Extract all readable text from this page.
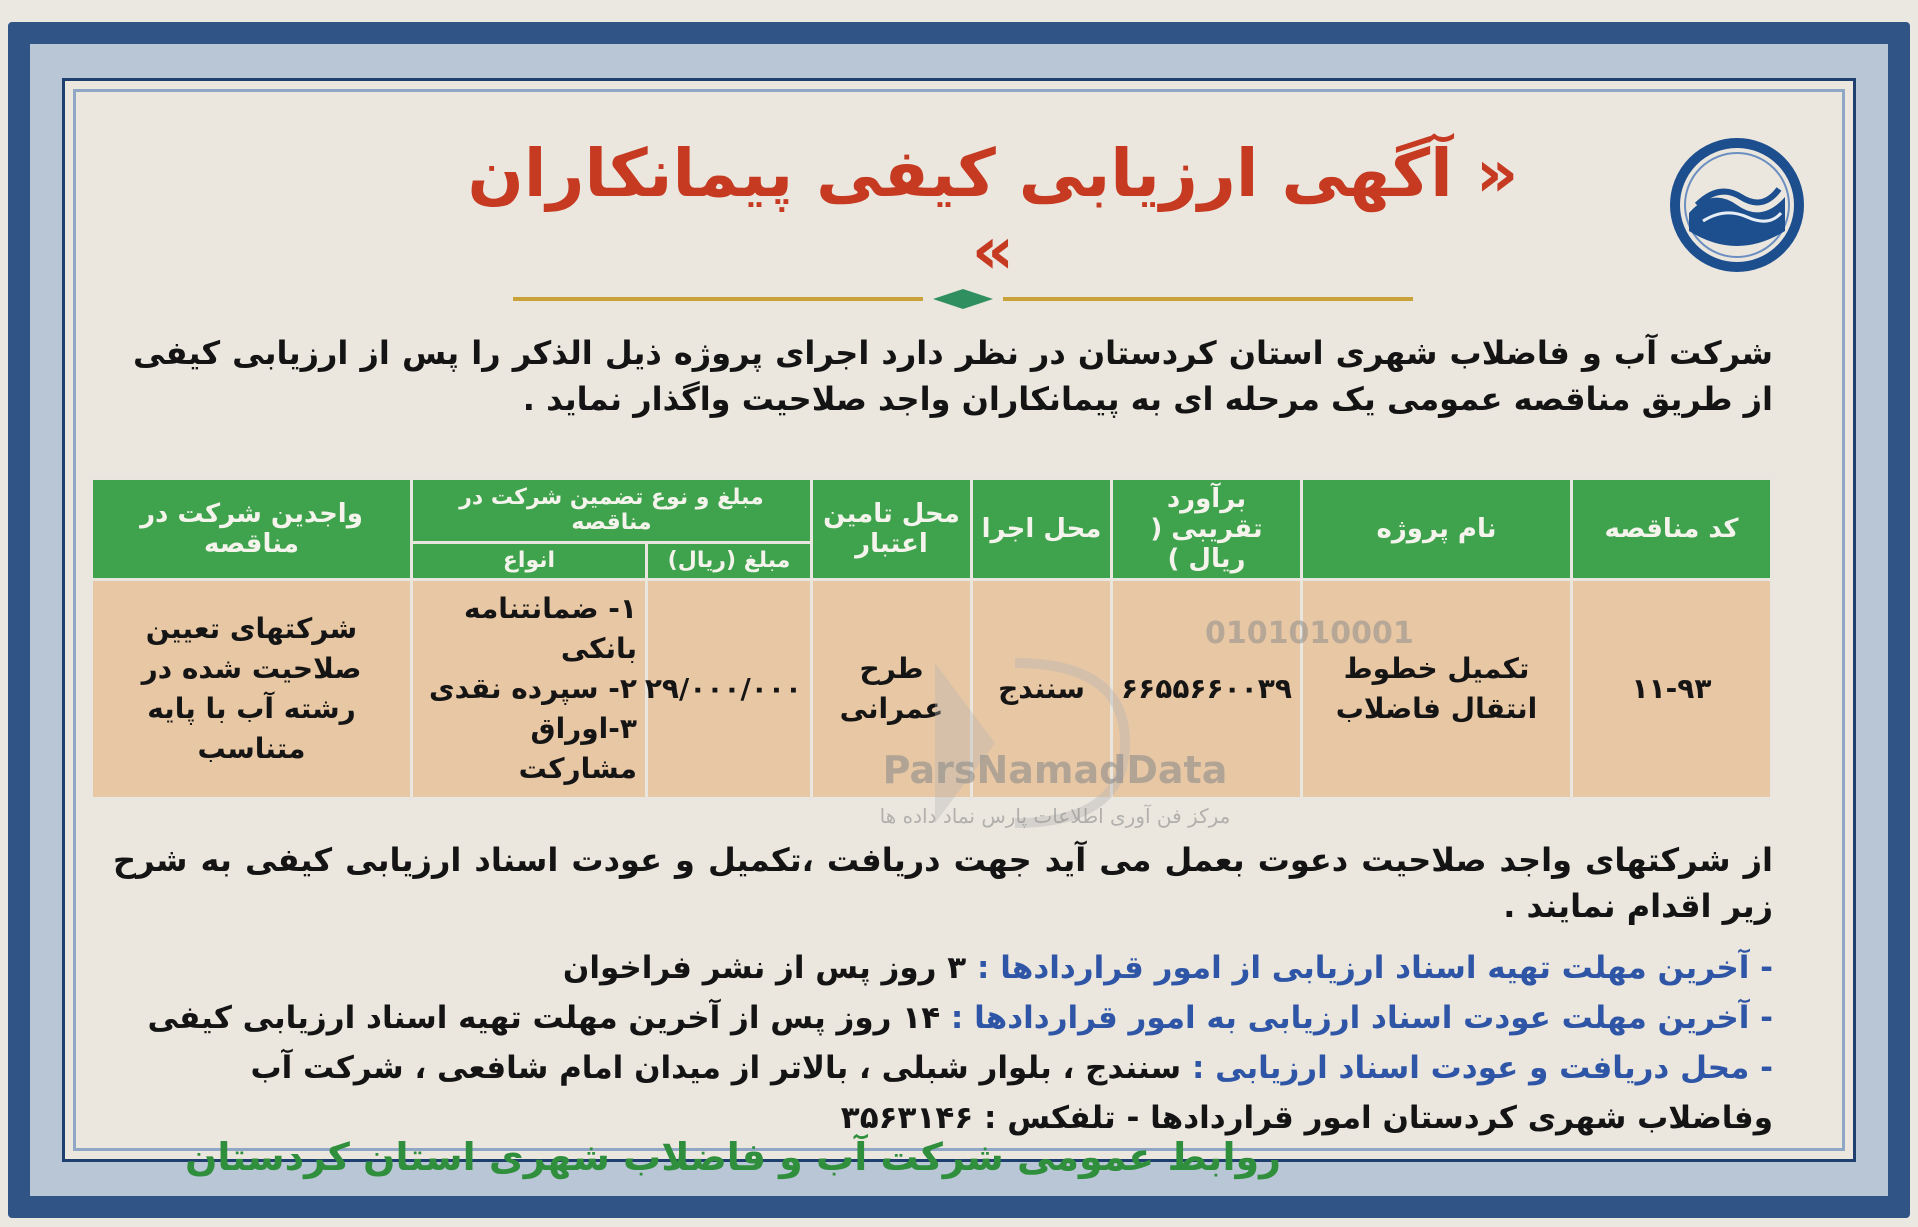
« آگهی ارزیابی کیفی پیمانکاران »

شرکت آب و فاضلاب شهری استان کردستان در نظر دارد اجرای پروژه ذیل الذکر را پس از ارزیابی کیفی از طریق مناقصه عمومی یک مرحله ای به پیمانکاران واجد صلاحیت واگذار نماید .

کد مناقصه	نام پروژه	برآورد تقریبی ( ریال )	محل اجرا	محل تامین اعتبار	مبلغ و نوع تضمین شرکت در مناقصه		واجدین شرکت در مناقصه
					مبلغ (ریال)	انواع	
۱۱-۹۳	تکمیل خطوط انتقال فاضلاب	۶۶۵۵۶۶۰۰۳۹	سنندج	طرح عمرانی	۲۹/۰۰۰/۰۰۰	۱- ضمانتنامه بانکی
۲- سپرده نقدی
۳-اوراق مشارکت	شرکتهای تعیین صلاحیت شده در رشته آب با پایه متناسب
0101010001
ParsNamadData
مرکز فن آوری اطلاعات پارس نماد داده ها

از شرکتهای واجد صلاحیت دعوت بعمل می آید جهت دریافت ،تکمیل و عودت اسناد ارزیابی کیفی به شرح زیر اقدام نمایند .

- آخرین مهلت تهیه اسناد ارزیابی از امور قراردادها : ۳ روز پس از نشر فراخوان
- آخرین مهلت عودت اسناد ارزیابی به امور قراردادها : ۱۴ روز پس از آخرین مهلت تهیه اسناد ارزیابی کیفی
- محل دریافت و عودت اسناد ارزیابی : سنندج ، بلوار شبلی ، بالاتر از میدان امام شافعی ، شرکت آب وفاضلاب شهری کردستان امور قراردادها - تلفکس : ۳۵۶۳۱۴۶

روابط عمومی شرکت آب و فاضلاب شهری استان کردستان
